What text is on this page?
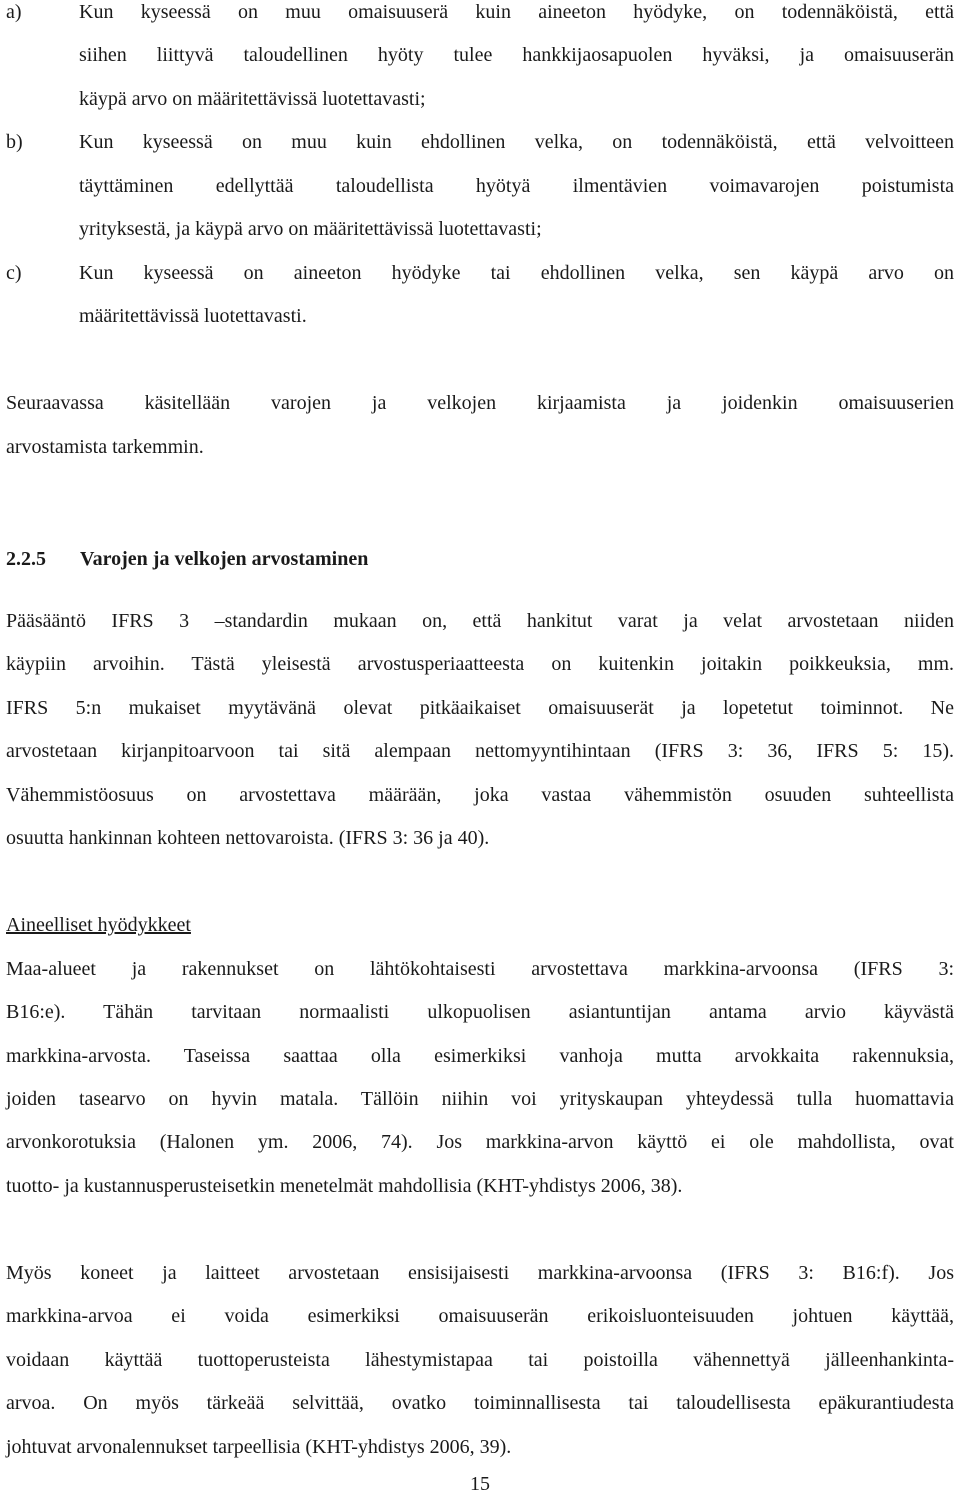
a)	Kun kyseessä on muu omaisuuserä kuin aineeton hyödyke, on todennäköistä, että
siihen liittyvä taloudellinen hyöty tulee hankkijaosapuolen hyväksi, ja omaisuuserän
käypä arvo on määritettävissä luotettavasti;
b)	Kun kyseessä on muu kuin ehdollinen velka, on todennäköistä, että velvoitteen
täyttäminen edellyttää taloudellista hyötyä ilmentävien voimavarojen poistumista
yrityksestä, ja käypä arvo on määritettävissä luotettavasti;
c)	Kun kyseessä on aineeton hyödyke tai ehdollinen velka, sen käypä arvo on
määritettävissä luotettavasti.
Seuraavassa käsitellään varojen ja velkojen kirjaamista ja joidenkin omaisuuserien
arvostamista tarkemmin.
2.2.5 Varojen ja velkojen arvostaminen
Pääsääntö IFRS 3 –standardin mukaan on, että hankitut varat ja velat arvostetaan niiden
käypiin arvoihin. Tästä yleisestä arvostusperiaatteesta on kuitenkin joitakin poikkeuksia, mm.
IFRS 5:n mukaiset myytävänä olevat pitkäaikaiset omaisuuserät ja lopetetut toiminnot. Ne
arvostetaan kirjanpitoarvoon tai sitä alempaan nettomyyntihintaan (IFRS 3: 36, IFRS 5: 15).
Vähemmistöosuus on arvostettava määrään, joka vastaa vähemmistön osuuden suhteellista
osuutta hankinnan kohteen nettovaroista. (IFRS 3: 36 ja 40).
Aineelliset hyödykkeet
Maa-alueet ja rakennukset on lähtökohtaisesti arvostettava markkina-arvoonsa (IFRS 3:
B16:e). Tähän tarvitaan normaalisti ulkopuolisen asiantuntijan antama arvio käyvästä
markkina-arvosta. Taseissa saattaa olla esimerkiksi vanhoja mutta arvokkaita rakennuksia,
joiden tasearvo on hyvin matala. Tällöin niihin voi yrityskaupan yhteydessä tulla huomattavia
arvonkorotuksia (Halonen ym. 2006, 74). Jos markkina-arvon käyttö ei ole mahdollista, ovat
tuotto- ja kustannusperusteisetkin menetelmät mahdollisia (KHT-yhdistys 2006, 38).
Myös koneet ja laitteet arvostetaan ensisijaisesti markkina-arvoonsa (IFRS 3: B16:f). Jos
markkina-arvoa ei voida esimerkiksi omaisuuserän erikoisluonteisuuden johtuen käyttää,
voidaan käyttää tuottoperusteista lähestymistapaa tai poistoilla vähennettyä jälleenhankinta-
arvoa. On myös tärkeää selvittää, ovatko toiminnallisesta tai taloudellisesta epäkurantiudesta
johtuvat arvonalennukset tarpeellisia (KHT-yhdistys 2006, 39).
15
